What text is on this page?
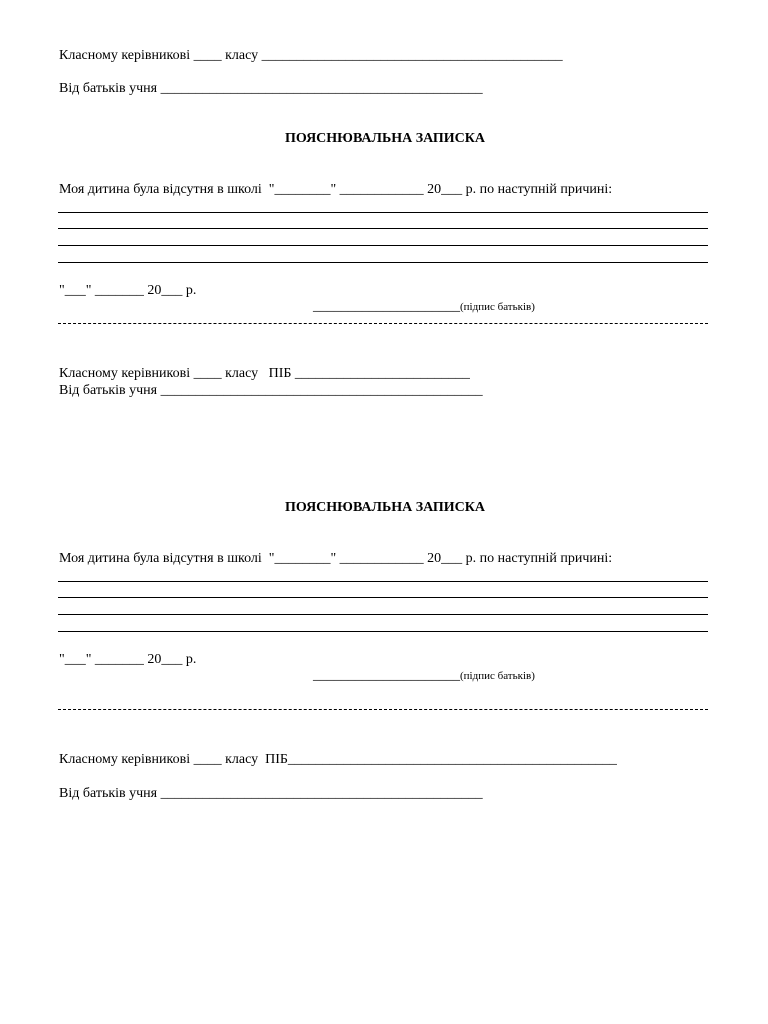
Класному керівникові ____ класу ___________________________________________
Від батьків учня ______________________________________________
ПОЯСНЮВАЛЬНА ЗАПИСКА
Моя дитина була відсутня в школі  "________" ____________ 20___ р. по наступній причині:
"___" _______ 20___ р.

_____________________(підпис батьків)

Класному керівникові ____ класу   ПІБ _________________________
Від батьків учня ______________________________________________
ПОЯСНЮВАЛЬНА ЗАПИСКА
Моя дитина була відсутня в школі  "________" ____________ 20___ р. по наступній причині:
"___" _______ 20___ р.

_____________________(підпис батьків)

Класному керівникові ____ класу  ПІБ_______________________________________________
Від батьків учня ______________________________________________
